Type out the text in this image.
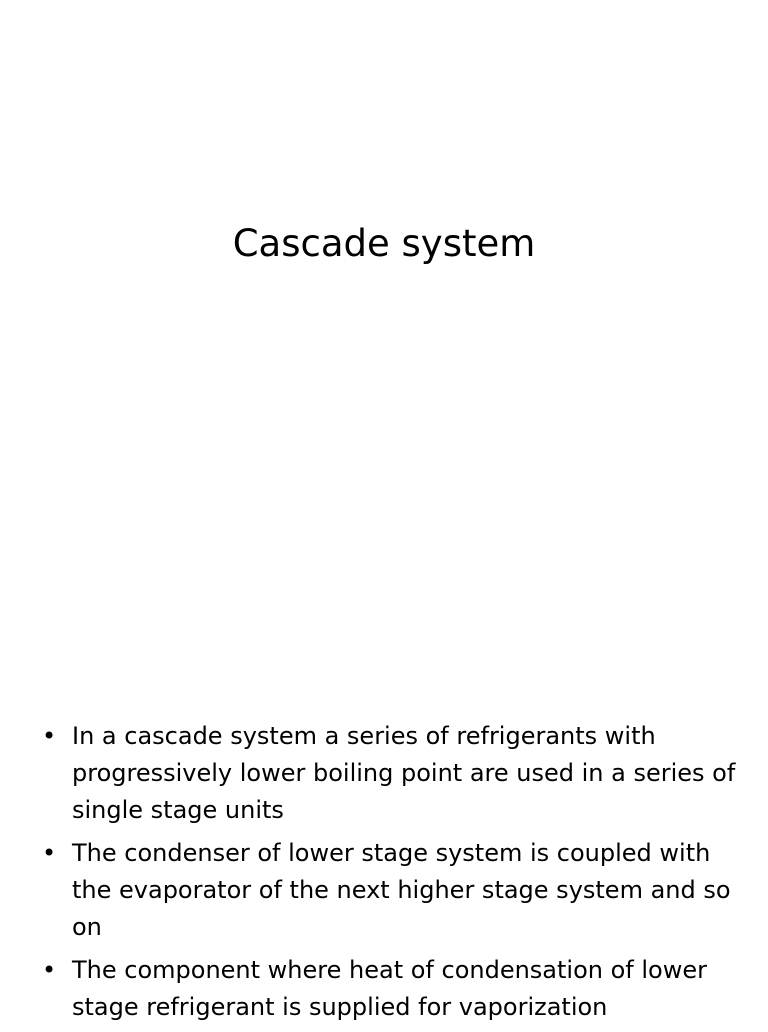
Cascade system
• In a cascade system a series of refrigerants with progressively lower boiling point are used in a series of single stage units
• The condenser of lower stage system is coupled with the evaporator of the next higher stage system and so on
• The component where heat of condensation of lower stage refrigerant is supplied for vaporization
